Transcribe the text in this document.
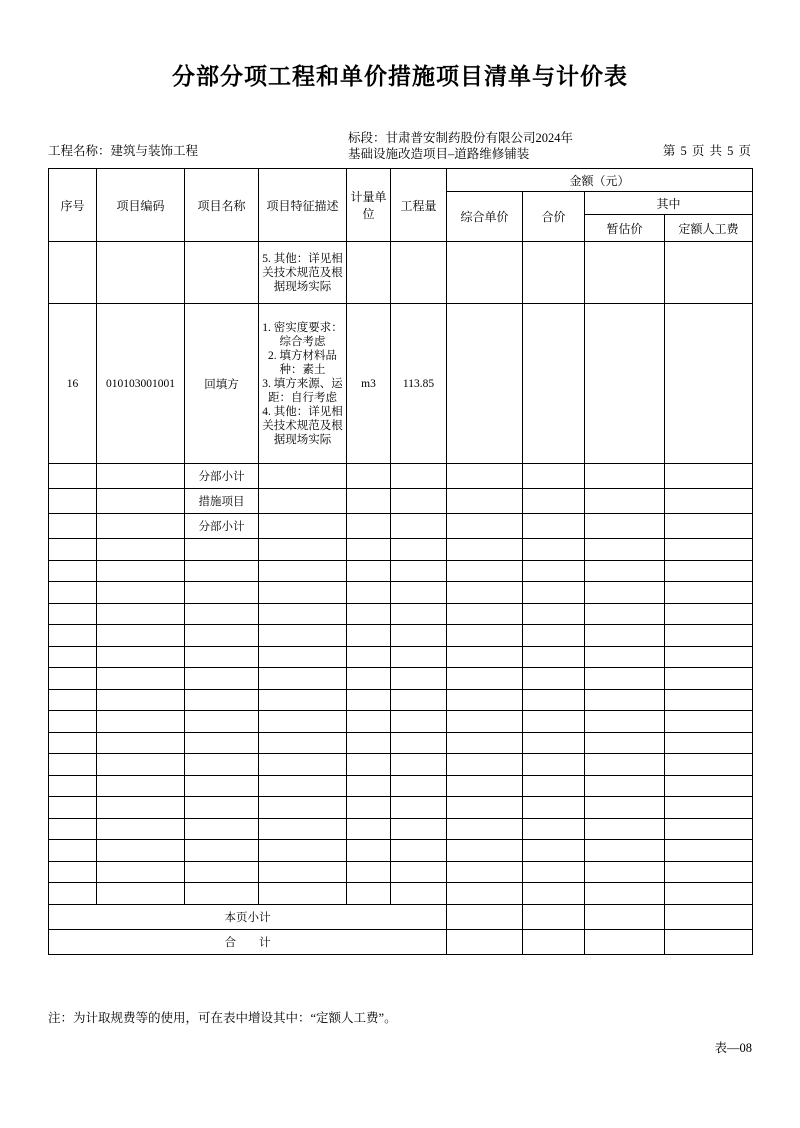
分部分项工程和单价措施项目清单与计价表
工程名称：建筑与装饰工程
标段：甘肃普安制药股份有限公司2024年
基础设施改造项目–道路维修铺装	第 5 页 共 5 页
序号	项目编码	项目名称	项目特征描述	计量单位	工程量	金额（元）			
						综合单价	合价	其中	
								暂估价	定额人工费

			5. 其他：详见相关技术规范及根据现场实际						

16	010103001001	回填方	1. 密实度要求：综合考虑
2. 填方材料品种：素土
3. 填方来源、运距：自行考虑
4. 其他：详见相关技术规范及根据现场实际	m3	113.85				
		分部小计	

		措施项目	

		分部小计	

本页小计									
合　　计									
注：为计取规费等的使用，可在表中增设其中：“定额人工费”。
表—08
